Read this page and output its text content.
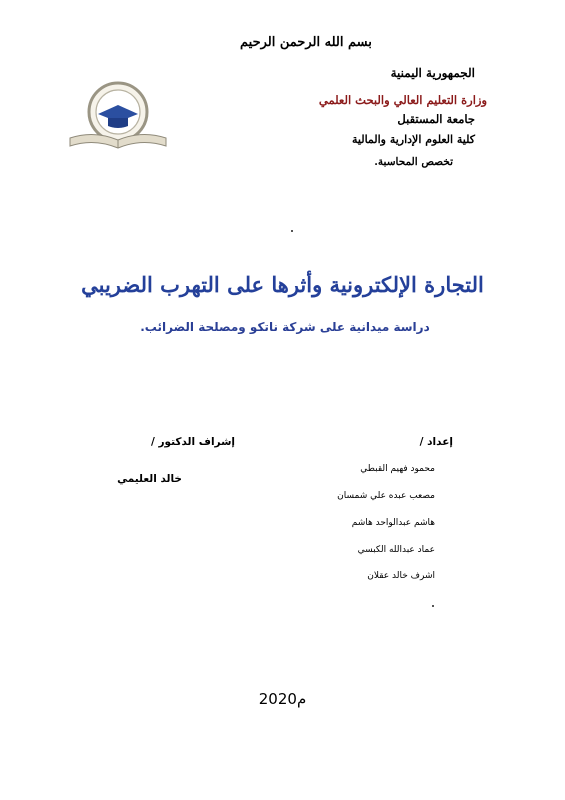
بسم الله الرحمن الرحيم
الجمهورية اليمنية
وزارة التعليم العالي والبحث العلمي
جامعة المستقبل
كلية العلوم الإدارية والمالية
تخصص المحاسبة.
التجارة الإلكترونية وأثرها على التهرب الضريبي
دراسة ميدانية على شركة ناتكو ومصلحة الضرائب.
إعداد /
إشراف الدكتور /
خالد العليمي
محمود فهيم القبطي
مصعب عبده علي شمسان
هاشم عبدالواحد هاشم
عماد عبدالله الكبسي
اشرف خالد عقلان
2020م
